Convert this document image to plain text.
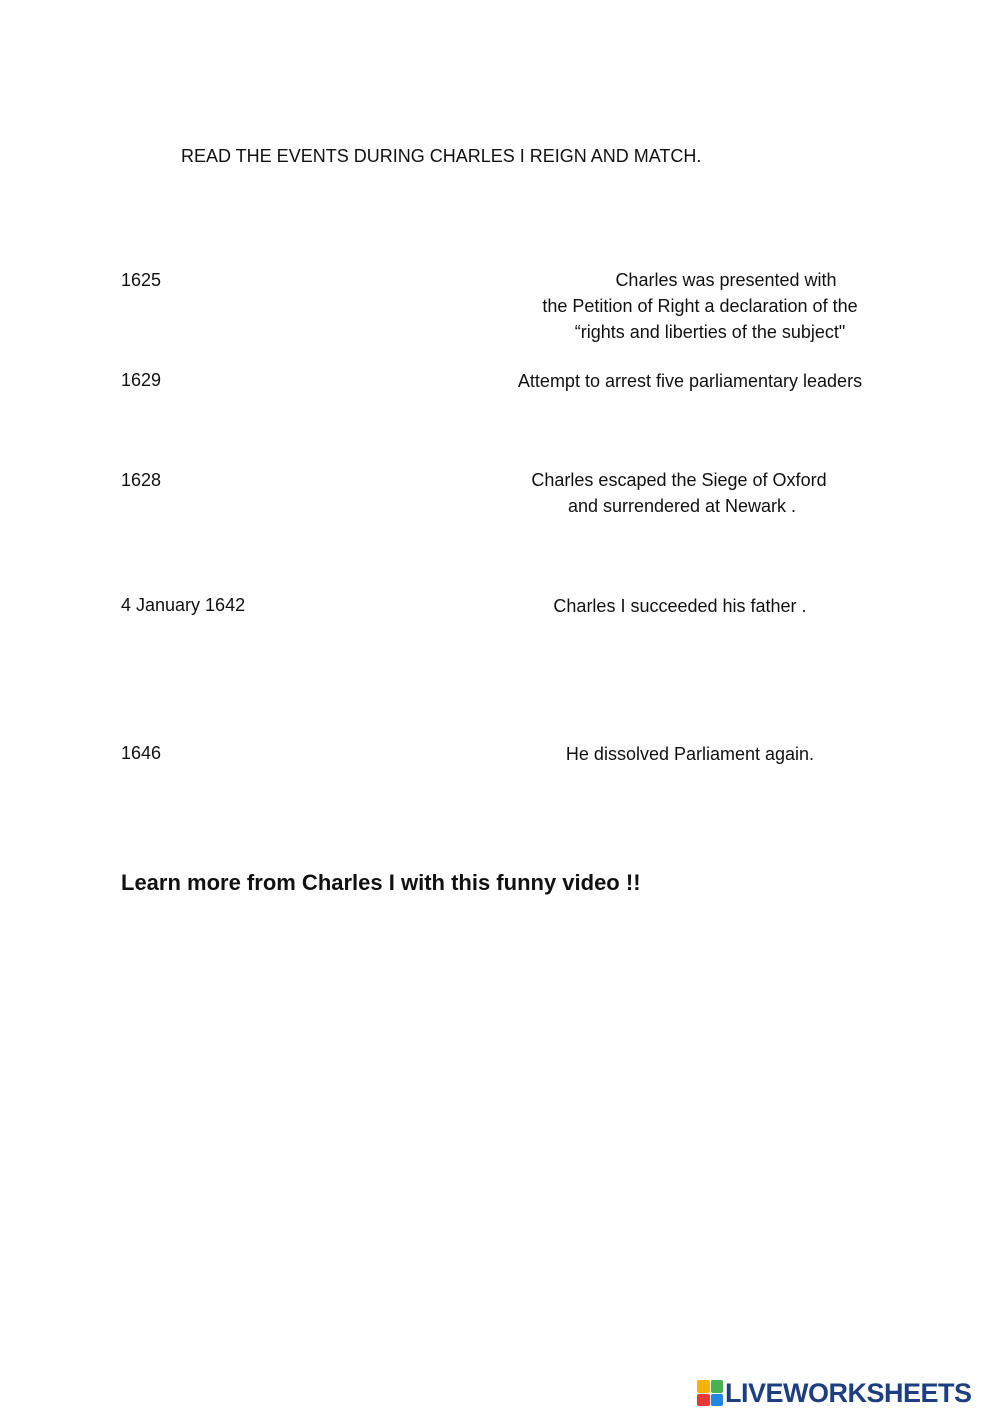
READ THE EVENTS DURING CHARLES I REIGN AND MATCH.
1625
1629
1628
4 January 1642
1646
Charles was presented with
the Petition of Right a declaration of the
“rights and liberties of the subject"
Attempt to arrest five parliamentary leaders
Charles escaped the Siege of Oxford
and surrendered at Newark .
Charles I succeeded his father .
He dissolved Parliament again.
Learn more from Charles I with this funny video !!
LIVEWORKSHEETS
